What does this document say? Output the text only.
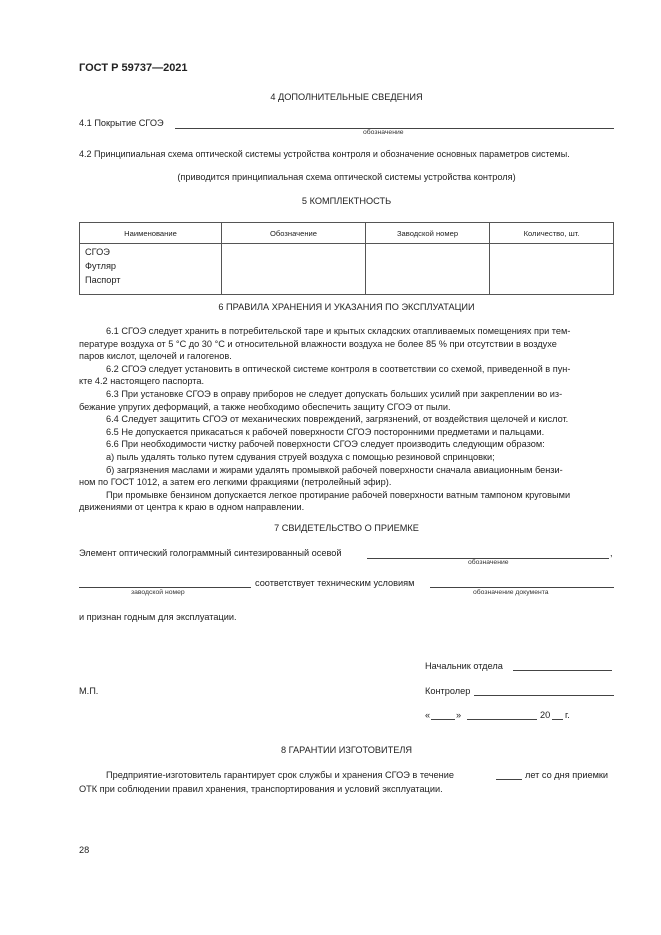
ГОСТ Р 59737—2021
4 ДОПОЛНИТЕЛЬНЫЕ СВЕДЕНИЯ
4.1 Покрытие СГОЭ
обозначение
4.2 Принципиальная схема оптической системы устройства контроля и обозначение основных параметров системы.
(приводится принципиальная схема оптической системы устройства контроля)
5 КОМПЛЕКТНОСТЬ
Наименование	Обозначение	Заводской номер	Количество, шт.

СГОЭ
Футляр
Паспорт			

6 ПРАВИЛА ХРАНЕНИЯ И УКАЗАНИЯ ПО ЭКСПЛУАТАЦИИ

6.1 СГОЭ следует хранить в потребительской таре и крытых складских отапливаемых помещениях при тем-

пературе воздуха от 5 °С до 30 °С и относительной влажности воздуха не более 85 % при отсутствии в воздухе

паров кислот, щелочей и галогенов.

6.2 СГОЭ следует установить в оптической системе контроля в соответствии со схемой, приведенной в пун-

кте 4.2 настоящего паспорта.

6.3 При установке СГОЭ в оправу приборов не следует допускать больших усилий при закреплении во из-

бежание упругих деформаций, а также необходимо обеспечить защиту СГОЭ от пыли.

6.4 Следует защитить СГОЭ от механических повреждений, загрязнений, от воздействия щелочей и кислот.

6.5 Не допускается прикасаться к рабочей поверхности СГОЭ посторонними предметами и пальцами.

6.6 При необходимости чистку рабочей поверхности СГОЭ следует производить следующим образом:

а) пыль удалять только путем сдувания струей воздуха с помощью резиновой спринцовки;

б) загрязнения маслами и жирами удалять промывкой рабочей поверхности сначала авиационным бензи-

ном по ГОСТ 1012, а затем его легкими фракциями (петролейный эфир).

При промывке бензином допускается легкое протирание рабочей поверхности ватным тампоном круговыми

движениями от центра к краю в одном направлении.

7 СВИДЕТЕЛЬСТВО О ПРИЕМКЕ
Элемент оптический голограммный синтезированный осевой	,
обозначение
соответствует техническим условиям
заводской номер	обозначение документа
и признан годным для эксплуатации.
Начальник отдела
М.П.	Контролер
«	»	20 г.
8 ГАРАНТИИ ИЗГОТОВИТЕЛЯ
Предприятие-изготовитель гарантирует срок службы и хранения СГОЭ в течение	лет со дня приемки
ОТК при соблюдении правил хранения, транспортирования и условий эксплуатации.
28
